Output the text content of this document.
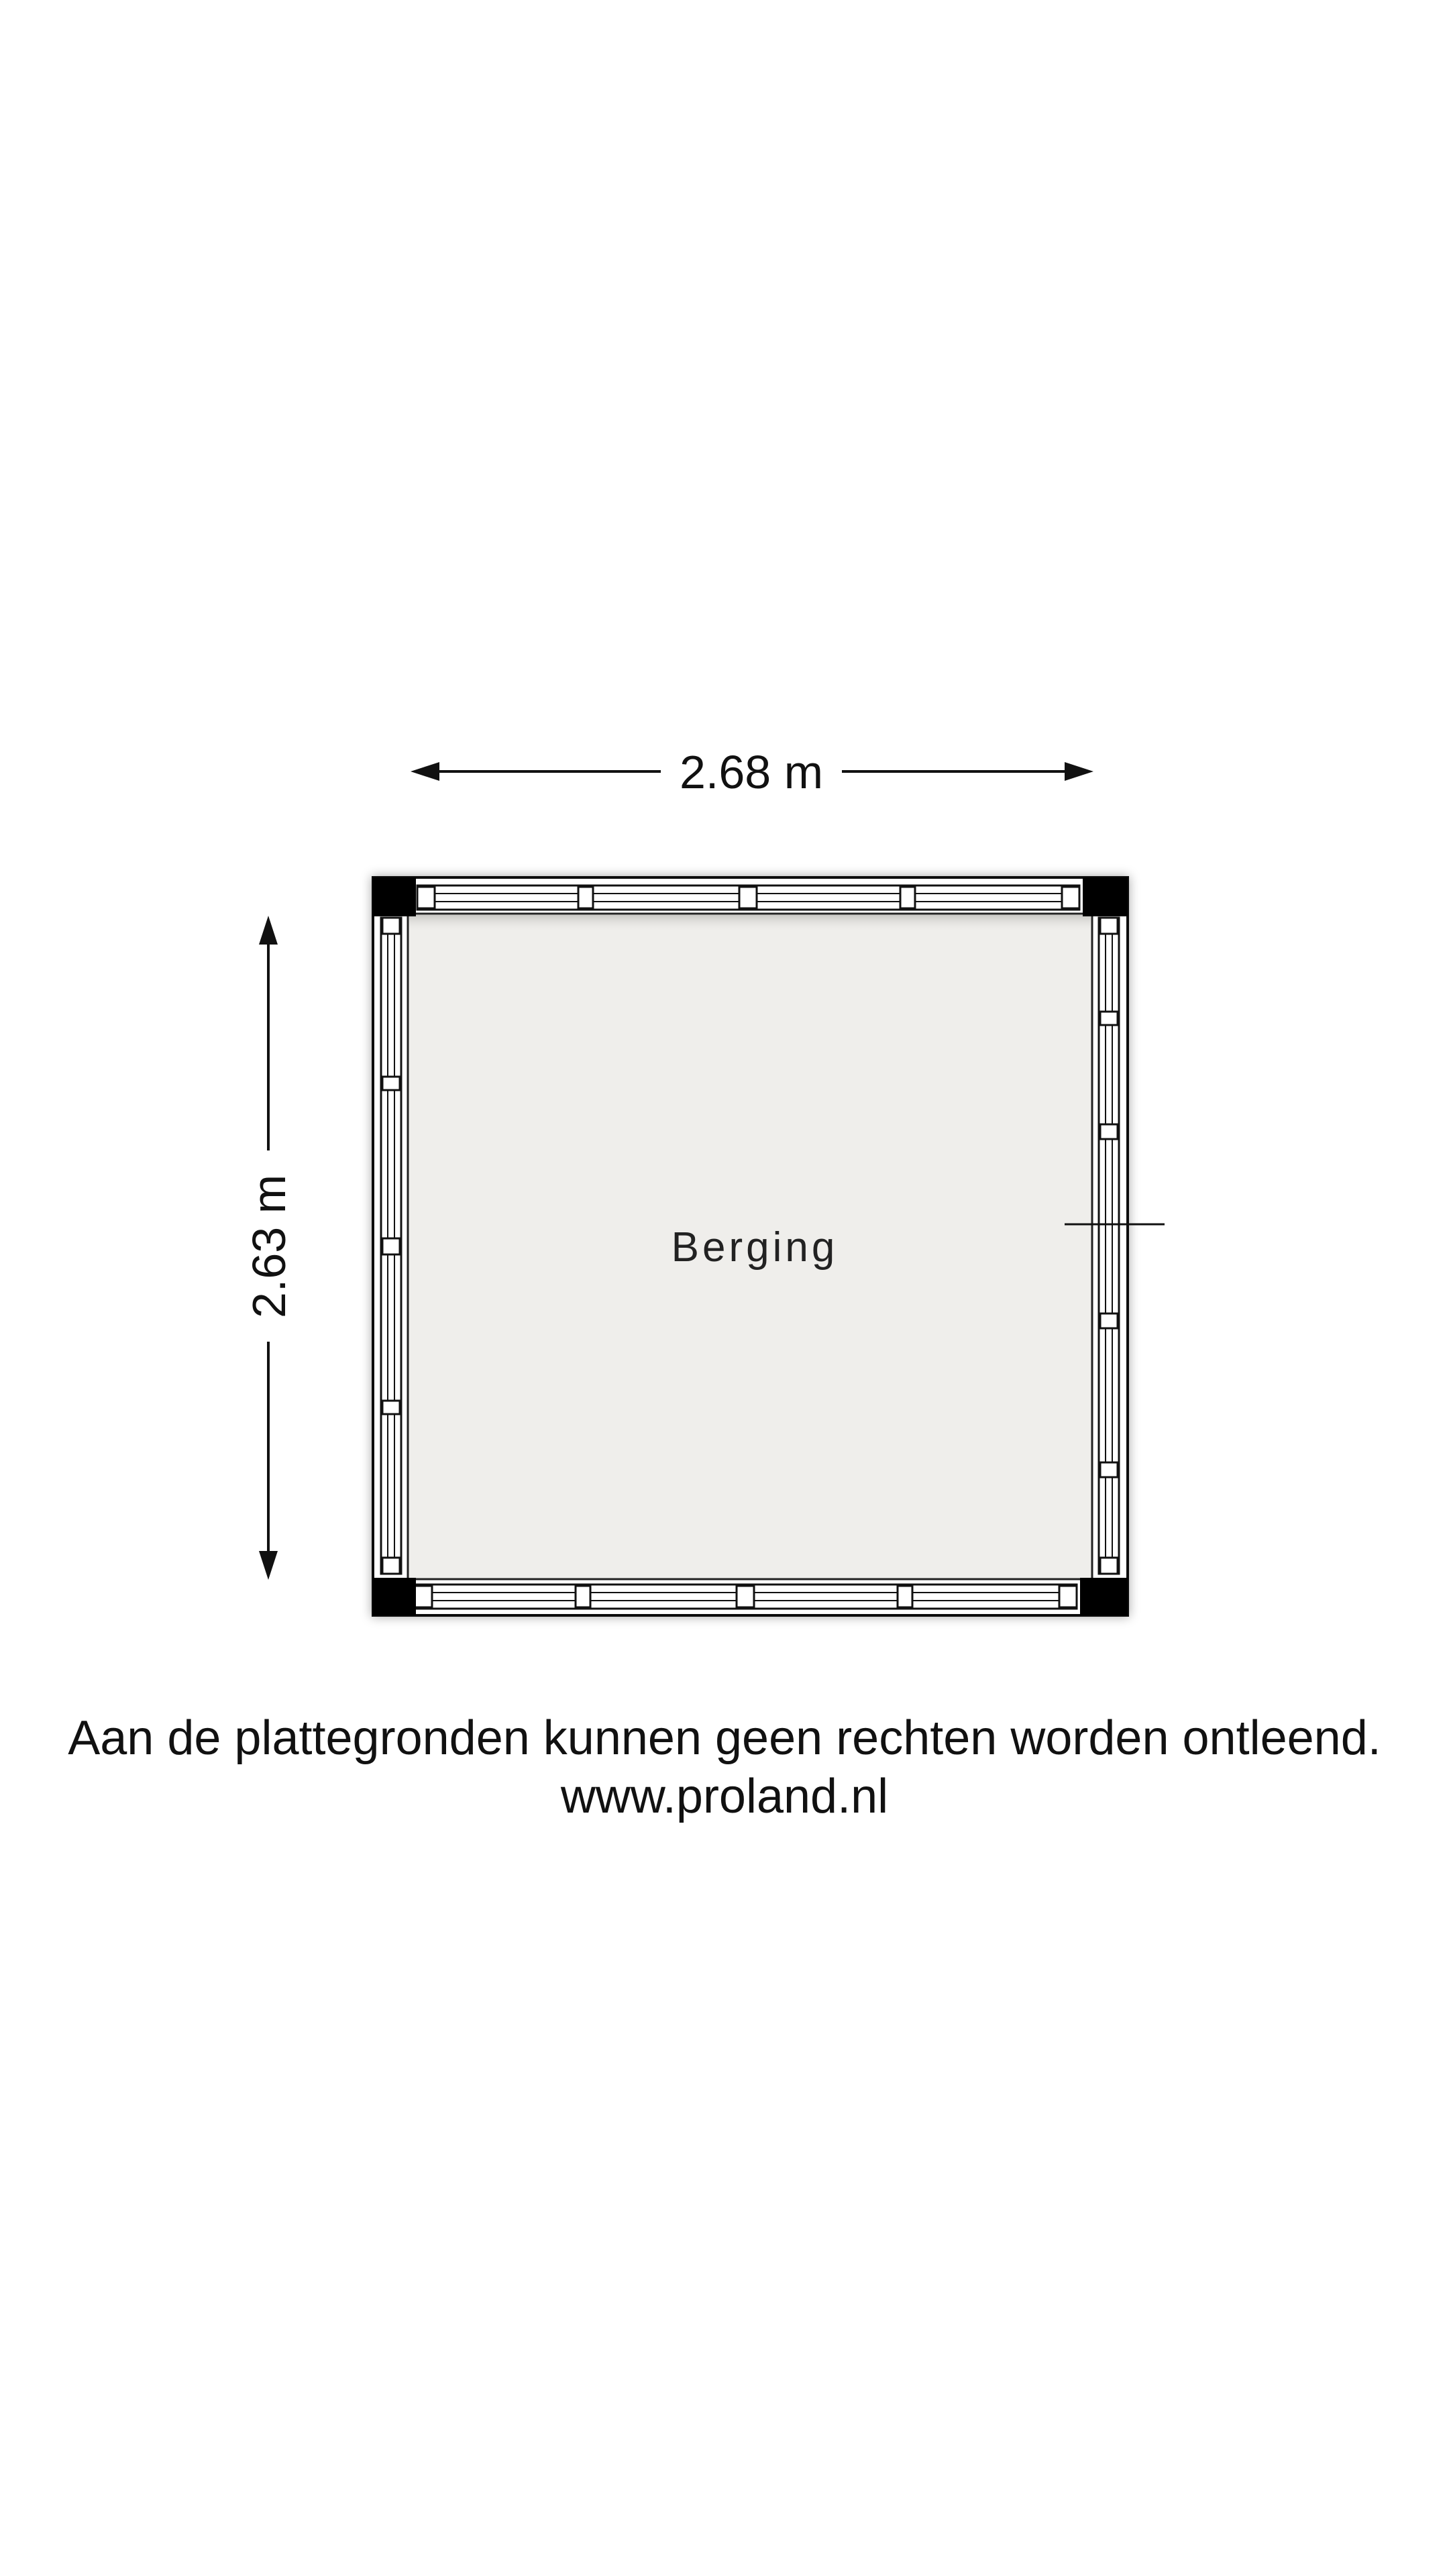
2.68 m
2.63 m	Berging
Aan de plattegronden kunnen geen rechten worden ontleend.
www.proland.nl
